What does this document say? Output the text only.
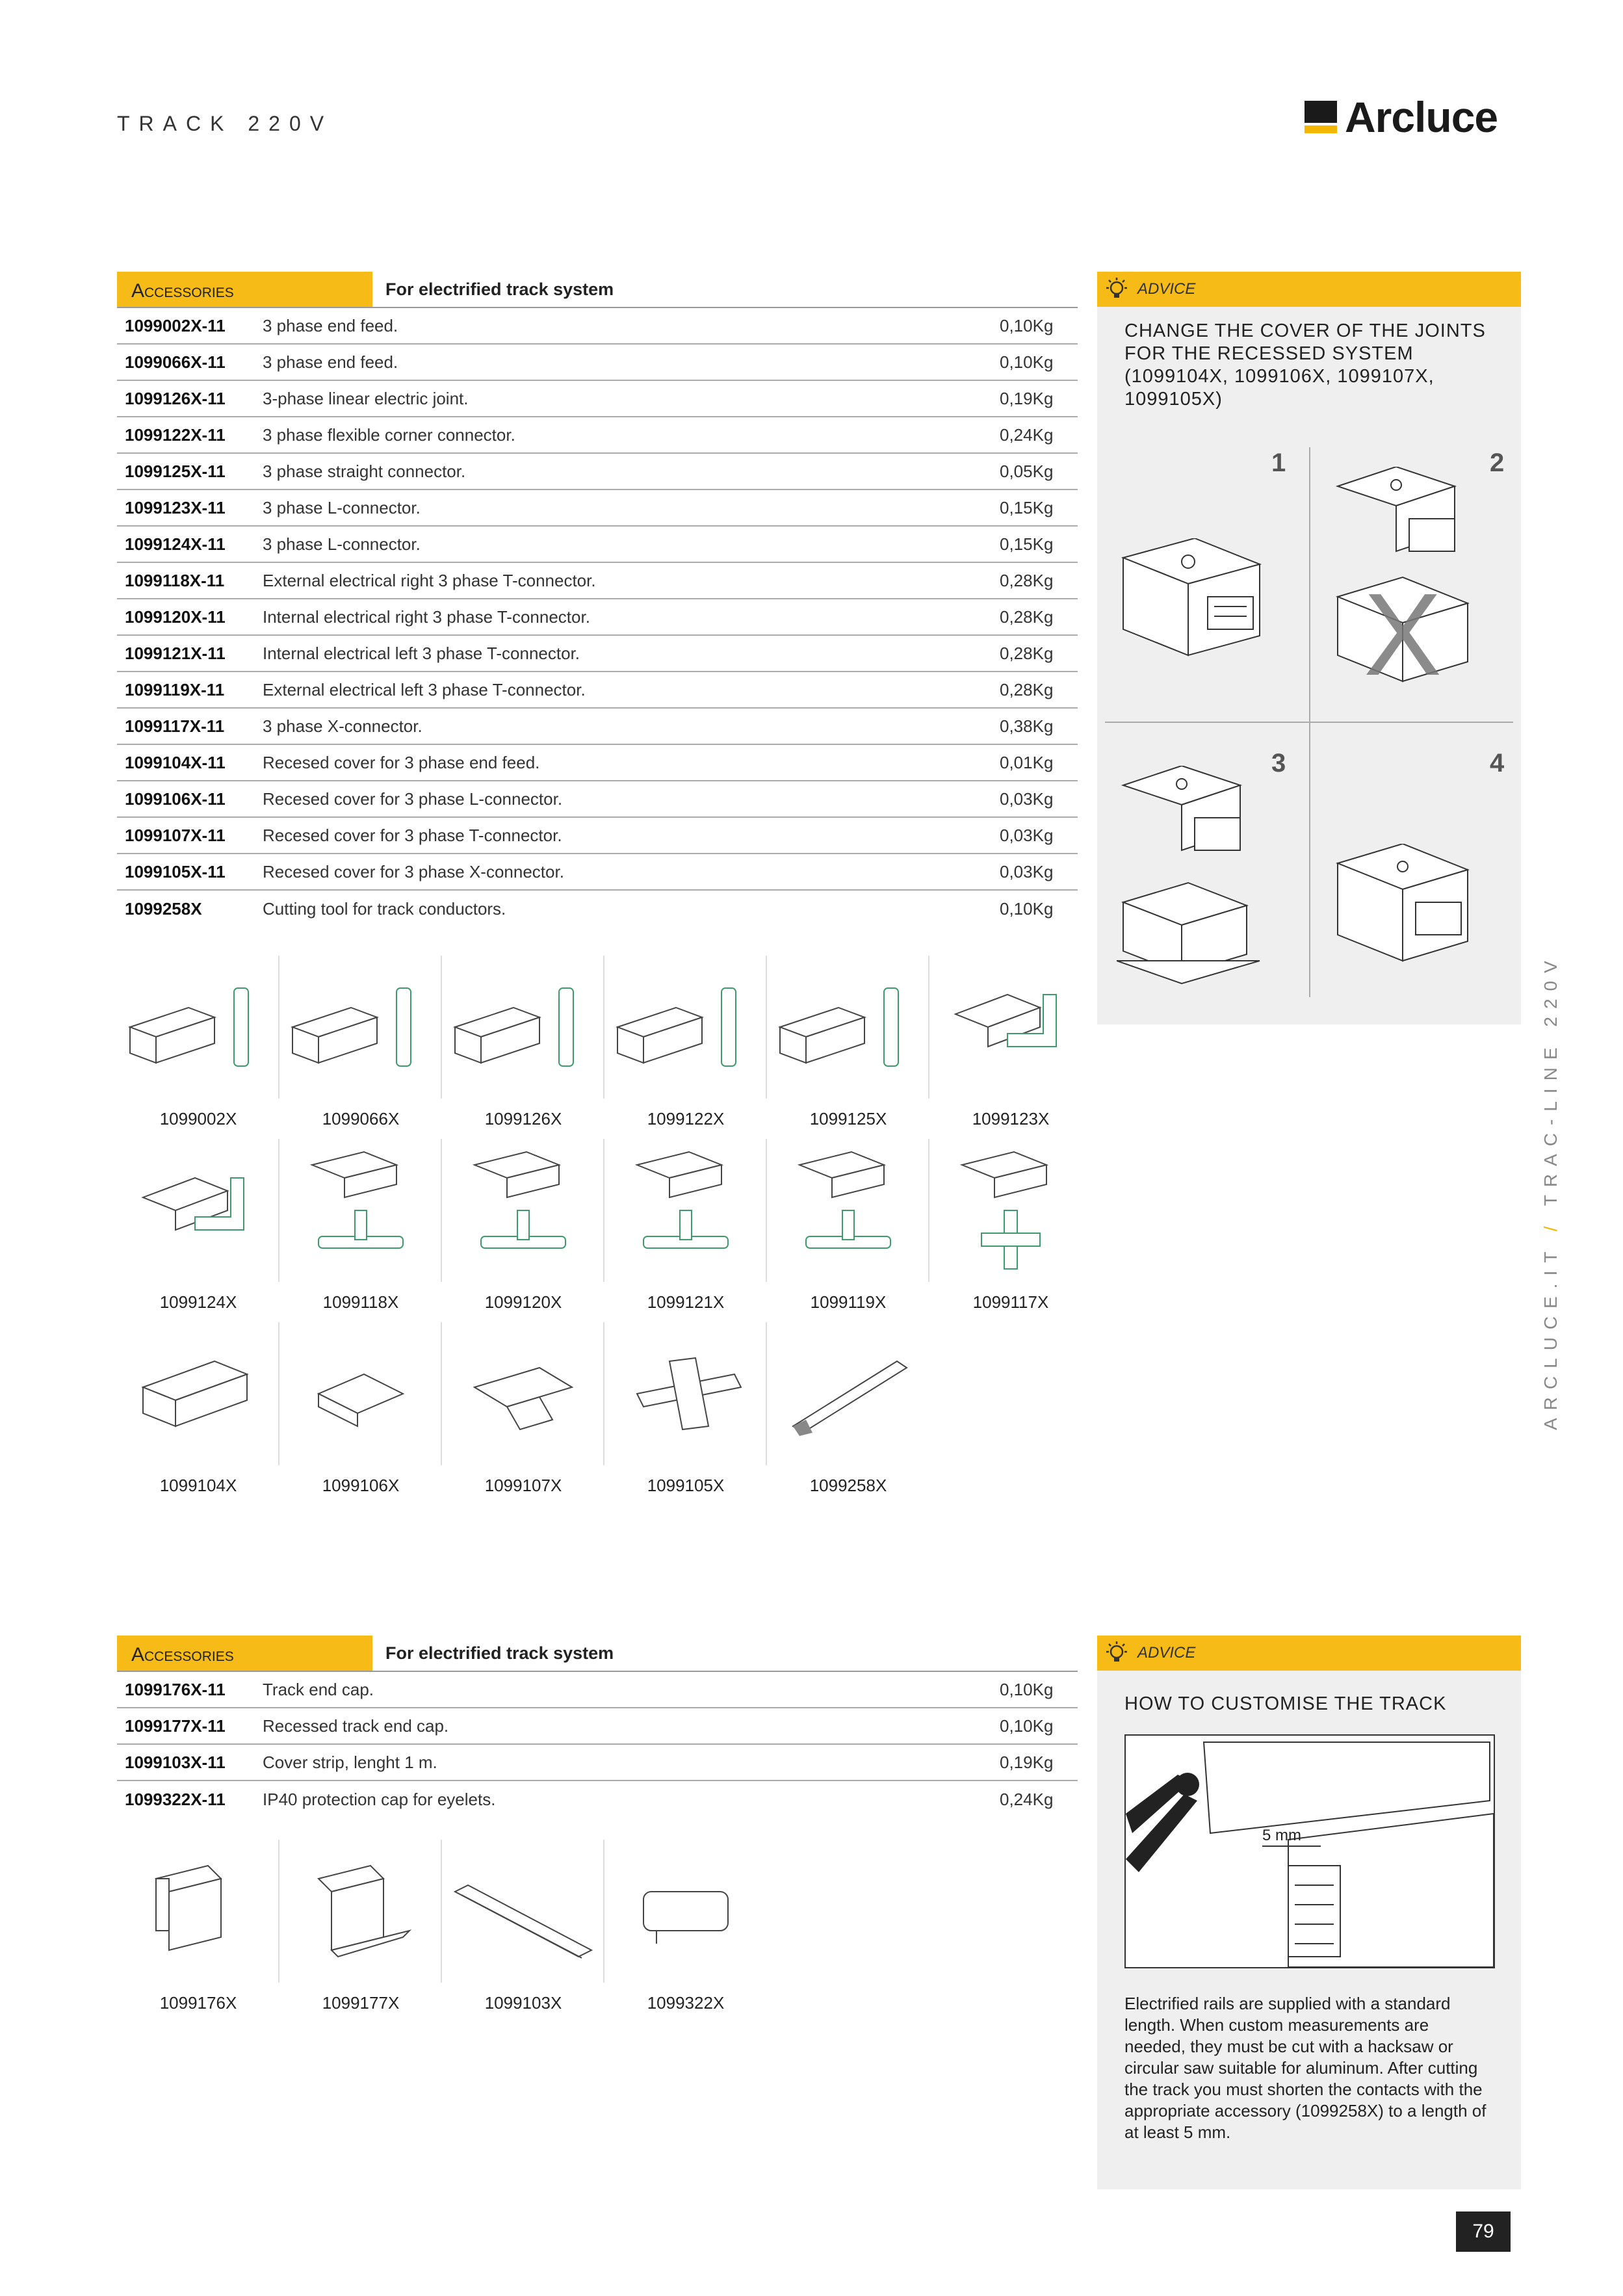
TRACK 220V	Arcluce
Accessories	For electrified track system
1099002X-11	3 phase end feed.	0,10Kg
1099066X-11	3 phase end feed.	0,10Kg
1099126X-11	3-phase linear electric joint.	0,19Kg
1099122X-11	3 phase flexible corner connector.	0,24Kg
1099125X-11	3 phase straight connector.	0,05Kg
1099123X-11	3 phase L-connector.	0,15Kg
1099124X-11	3 phase L-connector.	0,15Kg
1099118X-11	External electrical right 3 phase T-connector.	0,28Kg
1099120X-11	Internal electrical right 3 phase T-connector.	0,28Kg
1099121X-11	Internal electrical left 3 phase T-connector.	0,28Kg
1099119X-11	External electrical left 3 phase T-connector.	0,28Kg
1099117X-11	3 phase X-connector.	0,38Kg
1099104X-11	Recesed cover for 3 phase end feed.	0,01Kg
1099106X-11	Recesed cover for 3 phase L-connector.	0,03Kg
1099107X-11	Recesed cover for 3 phase T-connector.	0,03Kg
1099105X-11	Recesed cover for 3 phase X-connector.	0,03Kg
1099258X	Cutting tool for track conductors.	0,10Kg
1099002X	1099066X	1099126X	1099122X	1099125X	1099123X
1099124X	1099118X	1099120X	1099121X	1099119X	1099117X
1099104X	1099106X	1099107X	1099105X	1099258X
ADVICE
CHANGE THE COVER OF THE JOINTS FOR THE RECESSED SYSTEM (1099104X, 1099106X, 1099107X, 1099105X)
1	2
3	4
X
Accessories	For electrified track system
1099176X-11	Track end cap.	0,10Kg
1099177X-11	Recessed track end cap.	0,10Kg
1099103X-11	Cover strip, lenght 1 m.	0,19Kg
1099322X-11	IP40 protection cap for eyelets.	0,24Kg
1099176X	1099177X	1099103X	1099322X
ADVICE
HOW TO CUSTOMISE THE TRACK
5 mm
Electrified rails are supplied with a standard length. When custom measurements are needed, they must be cut with a hacksaw or circular saw suitable for aluminum. After cutting the track you must shorten the contacts with the appropriate accessory (1099258X) to a length of at least 5 mm.
ARCLUCE.IT / TRAC-LINE 220V
79
